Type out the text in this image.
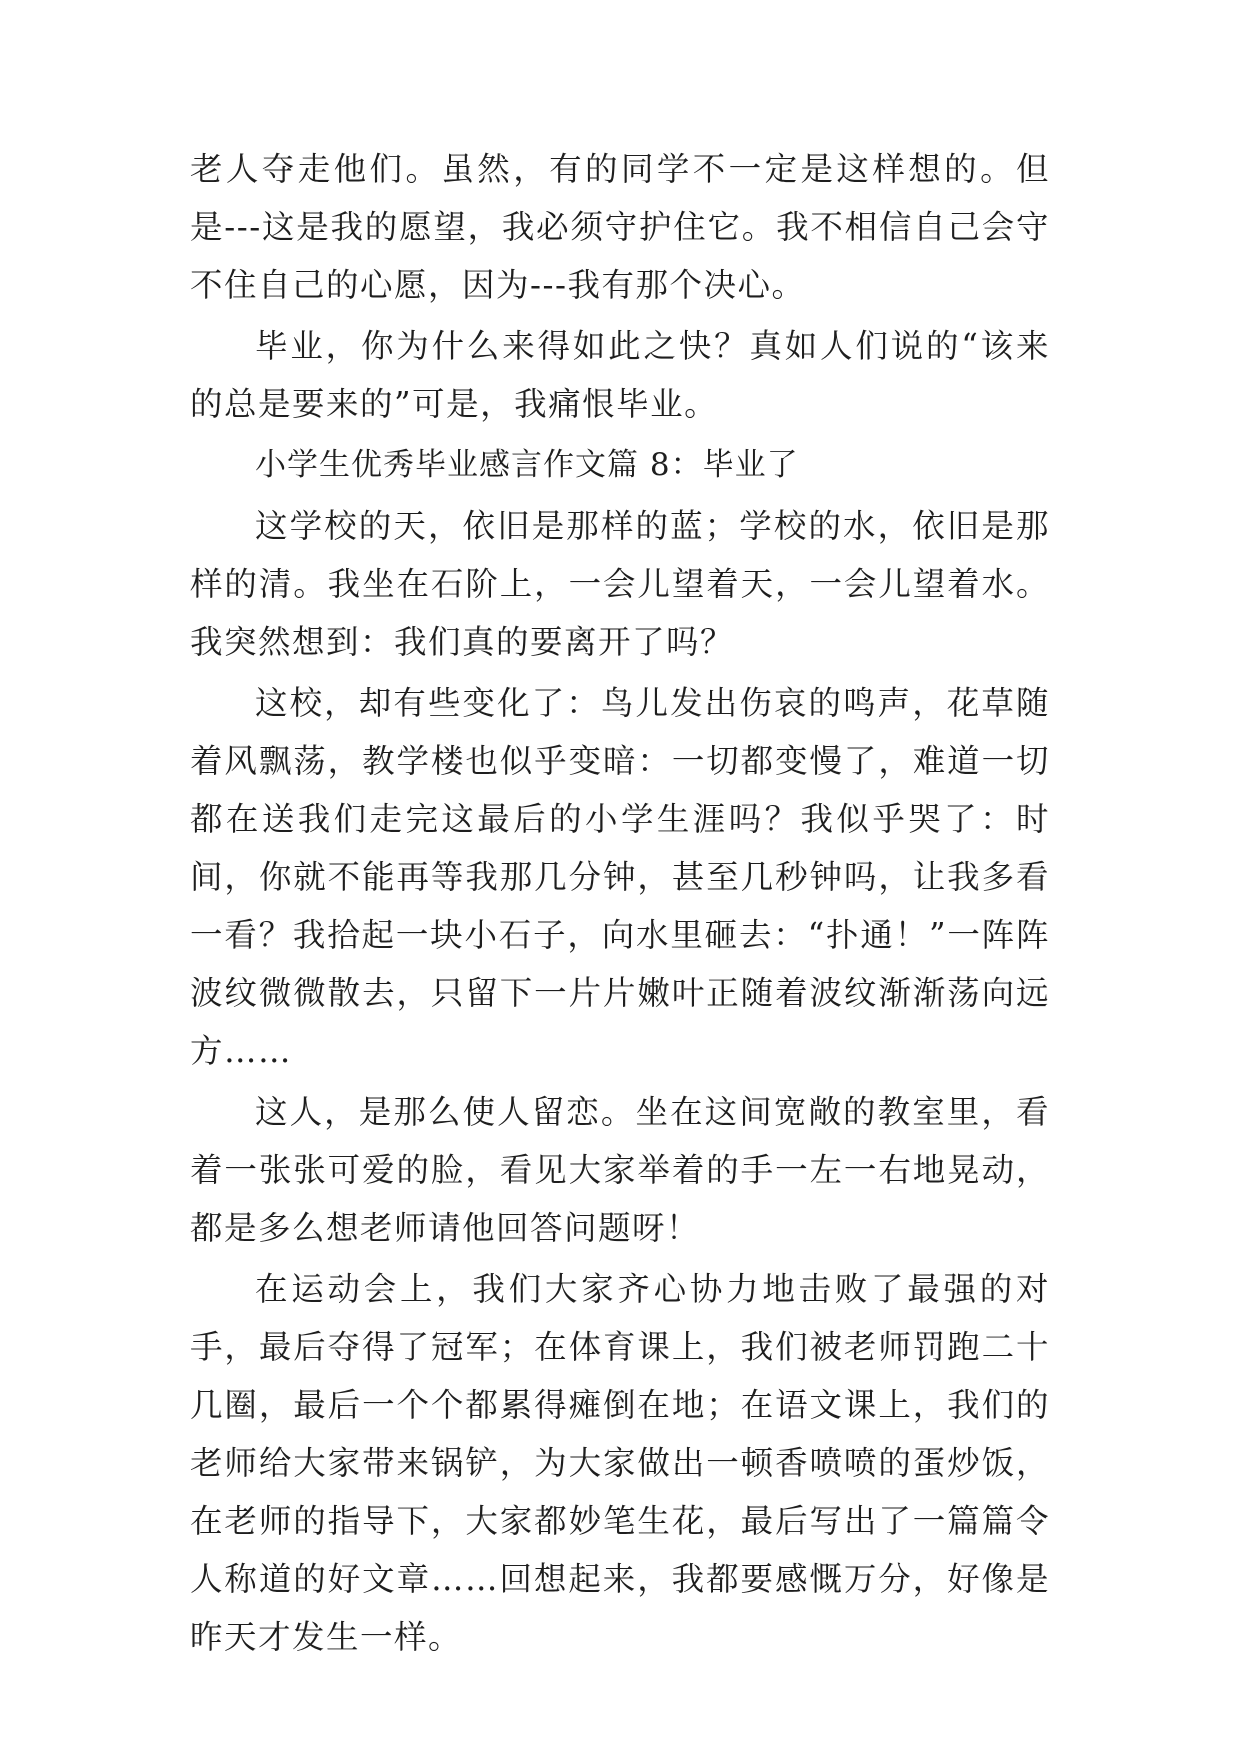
老人夺走他们。虽然，有的同学不一定是这样想的。但是---这是我的愿望，我必须守护住它。我不相信自己会守不住自己的心愿，因为---我有那个决心。

毕业，你为什么来得如此之快？真如人们说的“该来的总是要来的”可是，我痛恨毕业。

小学生优秀毕业感言作文篇 8：毕业了

这学校的天，依旧是那样的蓝；学校的水，依旧是那样的清。我坐在石阶上，一会儿望着天，一会儿望着水。我突然想到：我们真的要离开了吗？

这校，却有些变化了：鸟儿发出伤哀的鸣声，花草随着风飘荡，教学楼也似乎变暗：一切都变慢了，难道一切都在送我们走完这最后的小学生涯吗？我似乎哭了：时间，你就不能再等我那几分钟，甚至几秒钟吗，让我多看一看？我拾起一块小石子，向水里砸去：“扑通！”一阵阵波纹微微散去，只留下一片片嫩叶正随着波纹渐渐荡向远方……

这人，是那么使人留恋。坐在这间宽敞的教室里，看着一张张可爱的脸，看见大家举着的手一左一右地晃动，都是多么想老师请他回答问题呀！

在运动会上，我们大家齐心协力地击败了最强的对手，最后夺得了冠军；在体育课上，我们被老师罚跑二十几圈，最后一个个都累得瘫倒在地；在语文课上，我们的老师给大家带来锅铲，为大家做出一顿香喷喷的蛋炒饭，在老师的指导下，大家都妙笔生花，最后写出了一篇篇令人称道的好文章……回想起来，我都要感慨万分，好像是昨天才发生一样。
